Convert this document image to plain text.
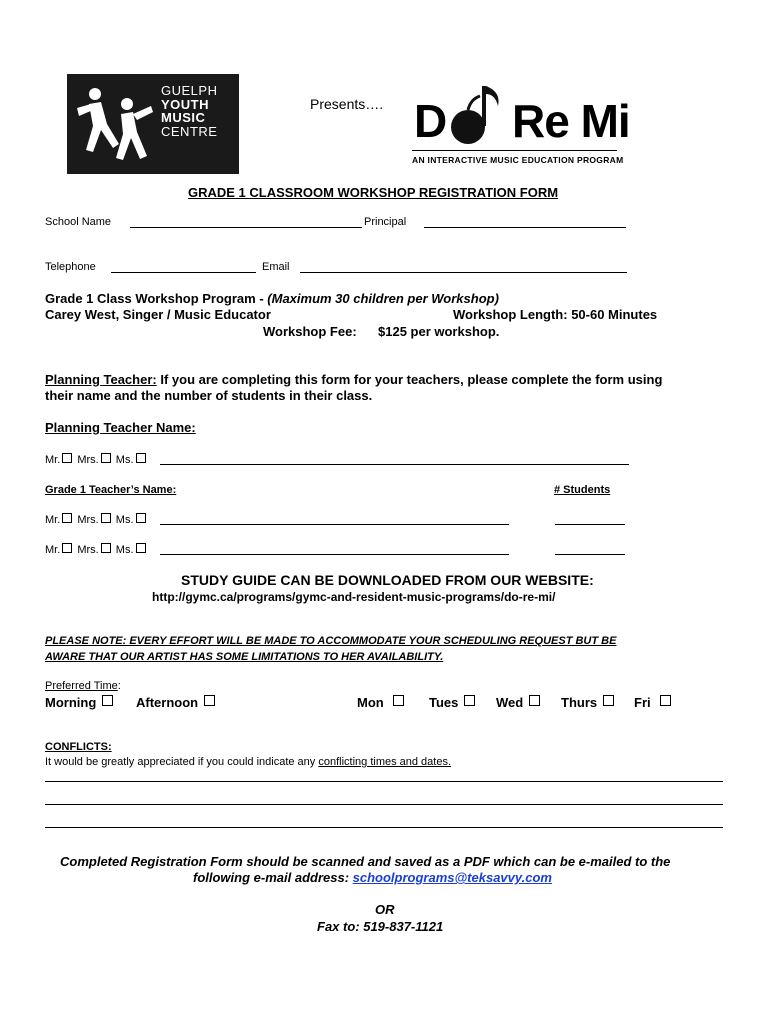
GUELPH
YOUTH
MUSIC
CENTRE
Presents…. D Re Mi
AN INTERACTIVE MUSIC EDUCATION PROGRAM
GRADE 1 CLASSROOM WORKSHOP REGISTRATION FORM
School Name	Principal
Telephone	Email
Grade 1 Class Workshop Program - (Maximum 30 children per Workshop)
Carey West, Singer / Music Educator	Workshop Length: 50-60 Minutes
Workshop Fee: $125 per workshop.
Planning Teacher: If you are completing this form for your teachers, please complete the form using
their name and the number of students in their class.
Planning Teacher Name:
Mr. Mrs. Ms.
Grade 1 Teacher’s Name:	# Students
Mr. Mrs. Ms.
Mr. Mrs. Ms.
STUDY GUIDE CAN BE DOWNLOADED FROM OUR WEBSITE:
http://gymc.ca/programs/gymc-and-resident-music-programs/do-re-mi/
PLEASE NOTE: EVERY EFFORT WILL BE MADE TO ACCOMMODATE YOUR SCHEDULING REQUEST BUT BE
AWARE THAT OUR ARTIST HAS SOME LIMITATIONS TO HER AVAILABILITY.
Preferred Time:
Morning	Afternoon	Mon	Tues	Wed	Thurs	Fri
CONFLICTS:
It would be greatly appreciated if you could indicate any conflicting times and dates.
Completed Registration Form should be scanned and saved as a PDF which can be e-mailed to the
following e-mail address: schoolprograms@teksavvy.com
OR
Fax to: 519-837-1121
